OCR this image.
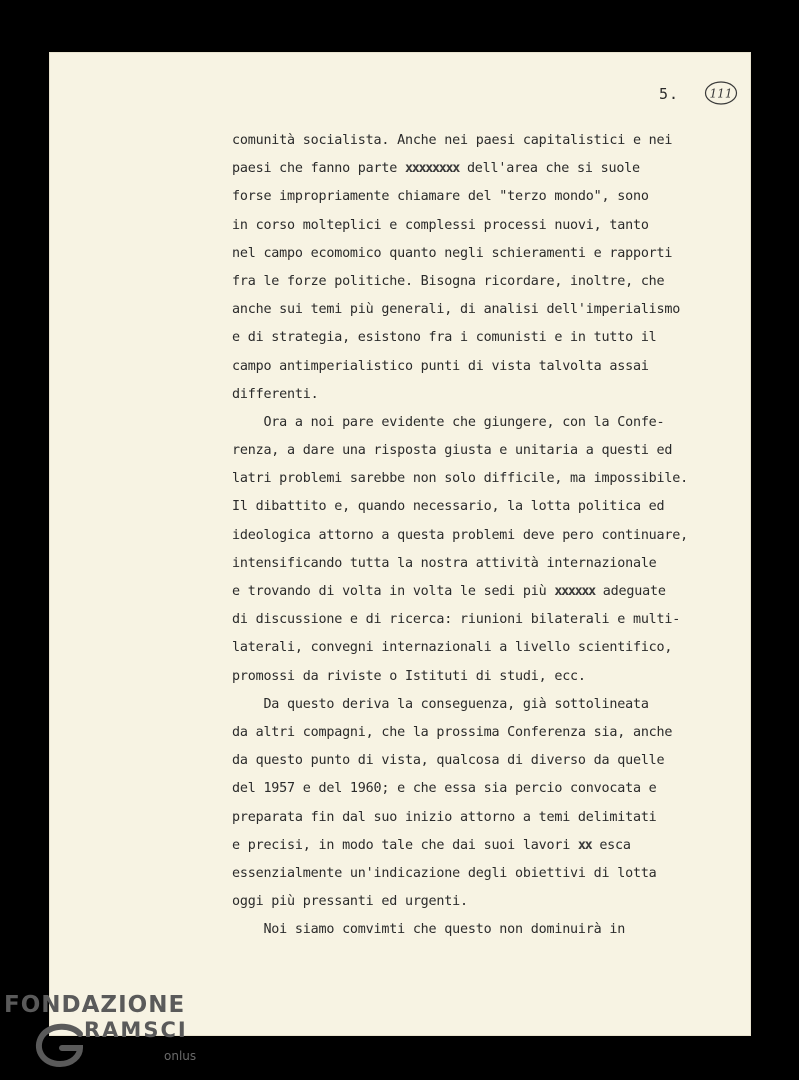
5.	111
comunità socialista. Anche nei paesi capitalistici e nei
paesi che fanno parte xxxxxxxx dell'area che si suole
forse impropriamente chiamare del "terzo mondo", sono
in corso molteplici e complessi processi nuovi, tanto
nel campo ecomomico quanto negli schieramenti e rapporti
fra le forze politiche. Bisogna ricordare, inoltre, che
anche sui temi più generali, di analisi dell'imperialismo
e di strategia, esistono fra i comunisti e in tutto il
campo antimperialistico punti di vista talvolta assai
differenti.
Ora a noi pare evidente che giungere, con la Confe-
renza, a dare una risposta giusta e unitaria a questi ed
latri problemi sarebbe non solo difficile, ma impossibile.
Il dibattito e, quando necessario, la lotta politica ed
ideologica attorno a questa problemi deve pero continuare,
intensificando tutta la nostra attività internazionale
e trovando di volta in volta le sedi più xxxxxx adeguate
di discussione e di ricerca: riunioni bilaterali e multi-
laterali, convegni internazionali a livello scientifico,
promossi da riviste o Istituti di studi, ecc.
Da questo deriva la conseguenza, già sottolineata
da altri compagni, che la prossima Conferenza sia, anche
da questo punto di vista, qualcosa di diverso da quelle
del 1957 e del 1960; e che essa sia percio convocata e
preparata fin dal suo inizio attorno a temi delimitati
e precisi, in modo tale che dai suoi lavori xx esca
essenzialmente un'indicazione degli obiettivi di lotta
oggi più pressanti ed urgenti.
Noi siamo comvimti che questo non dominuirà in
FONDAZIONE
RAMSCI
onlus
